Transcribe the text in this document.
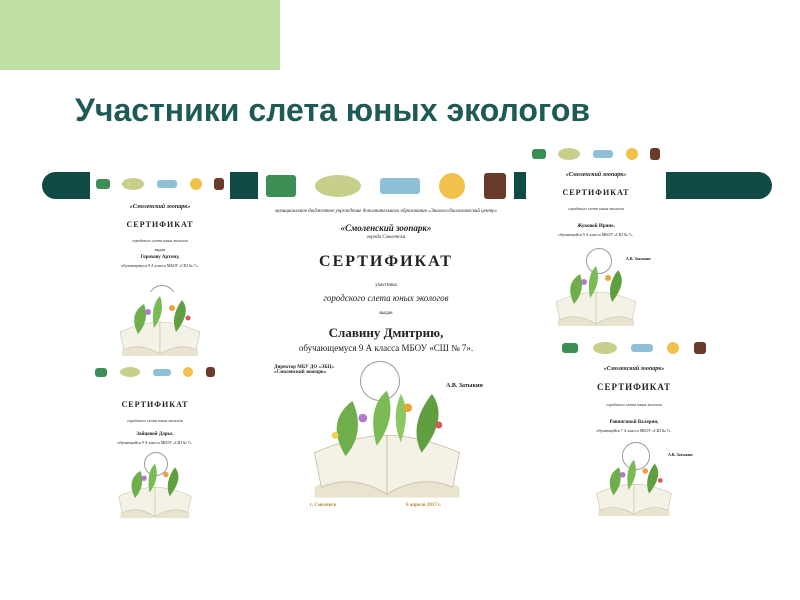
Участники слета юных экологов
«Смоленский зоопарк»
СЕРТИФИКАТ
городского слета юных экологов
выдан
Горохову Артему,
обучающемуся 9 А класса МБОУ «СШ № 7».
СЕРТИФИКАТ
городского слета юных экологов
Зайцевой Дарье,
обучающейся 9 А класса МБОУ «СШ № 7».
муниципальное бюджетное учреждение дополнительного образования «Эколого-биологический центр»
«Смоленский зоопарк»
города Смоленска
СЕРТИФИКАТ
участника
городского слета юных экологов
выдан
Славину Дмитрию,
обучающемуся 9 А класса МБОУ «СШ № 7».
Директор МБУ ДО «ЭБЦ» «Смоленский зоопарк»
А.В. Затыкин
г. Смоленск	6 апреля 2017 г.
«Смоленский зоопарк»
СЕРТИФИКАТ
городского слета юных экологов
Жуковой Ирине,
обучающейся 9 А класса МБОУ «СШ № 7».
А.В. Затыкин
«Смоленский зоопарк»
СЕРТИФИКАТ
городского слета юных экологов
Ровнягиной Валерии,
обучающейся 7 А класса МБОУ «СШ № 7».
А.В. Затыкин
